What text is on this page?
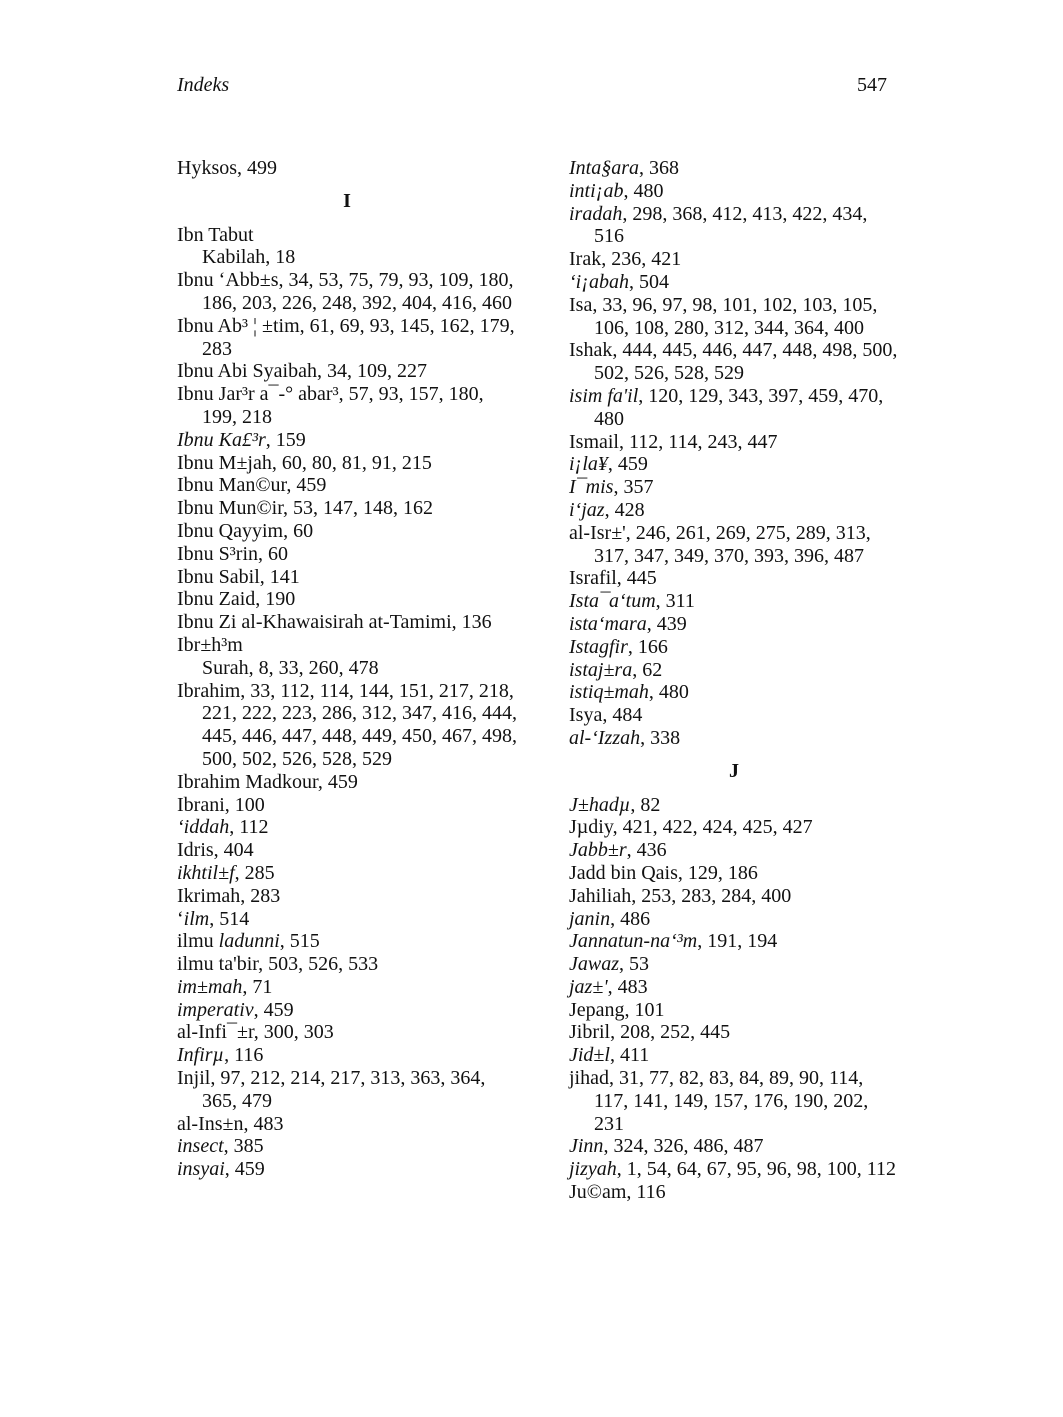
Indeks	547
Hyksos, 499
I
Ibn Tabut
Kabilah, 18
Ibnu ‘Abb±s, 34, 53, 75, 79, 93, 109, 180, 186, 203, 226, 248, 392, 404, 416, 460
Ibnu Ab³ ¦ ±tim, 61, 69, 93, 145, 162, 179, 283
Ibnu Abi Syaibah, 34, 109, 227
Ibnu Jar³r a¯-° abar³, 57, 93, 157, 180, 199, 218
Ibnu Ka£³r, 159
Ibnu M±jah, 60, 80, 81, 91, 215
Ibnu Man©ur, 459
Ibnu Mun©ir, 53, 147, 148, 162
Ibnu Qayyim, 60
Ibnu S³rin, 60
Ibnu Sabil, 141
Ibnu Zaid, 190
Ibnu Zi al-Khawaisirah at-Tamimi, 136
Ibr±h³m
Surah, 8, 33, 260, 478
Ibrahim, 33, 112, 114, 144, 151, 217, 218, 221, 222, 223, 286, 312, 347, 416, 444, 445, 446, 447, 448, 449, 450, 467, 498, 500, 502, 526, 528, 529
Ibrahim Madkour, 459
Ibrani, 100
‘iddah, 112
Idris, 404
ikhtil±f, 285
Ikrimah, 283
‘ilm, 514
ilmu ladunni, 515
ilmu ta'bir, 503, 526, 533
im±mah, 71
imperativ, 459
al-Infi¯±r, 300, 303
Infirµ, 116
Injil, 97, 212, 214, 217, 313, 363, 364, 365, 479
al-Ins±n, 483
insect, 385
insyai, 459
Inta§ara, 368
inti¡ab, 480
iradah, 298, 368, 412, 413, 422, 434, 516
Irak, 236, 421
‘i¡abah, 504
Isa, 33, 96, 97, 98, 101, 102, 103, 105, 106, 108, 280, 312, 344, 364, 400
Ishak, 444, 445, 446, 447, 448, 498, 500, 502, 526, 528, 529
isim fa'il, 120, 129, 343, 397, 459, 470, 480
Ismail, 112, 114, 243, 447
i¡la¥, 459
I¯mis, 357
i‘jaz, 428
al-Isr±', 246, 261, 269, 275, 289, 313, 317, 347, 349, 370, 393, 396, 487
Israfil, 445
Ista¯a‘tum, 311
ista‘mara, 439
Istagfir, 166
istaj±ra, 62
istiq±mah, 480
Isya, 484
al-‘Izzah, 338
J
J±hadµ, 82
Jµdiy, 421, 422, 424, 425, 427
Jabb±r, 436
Jadd bin Qais, 129, 186
Jahiliah, 253, 283, 284, 400
janin, 486
Jannatun-na‘³m, 191, 194
Jawaz, 53
jaz±', 483
Jepang, 101
Jibril, 208, 252, 445
Jid±l, 411
jihad, 31, 77, 82, 83, 84, 89, 90, 114, 117, 141, 149, 157, 176, 190, 202, 231
Jinn, 324, 326, 486, 487
jizyah, 1, 54, 64, 67, 95, 96, 98, 100, 112
Ju©am, 116
